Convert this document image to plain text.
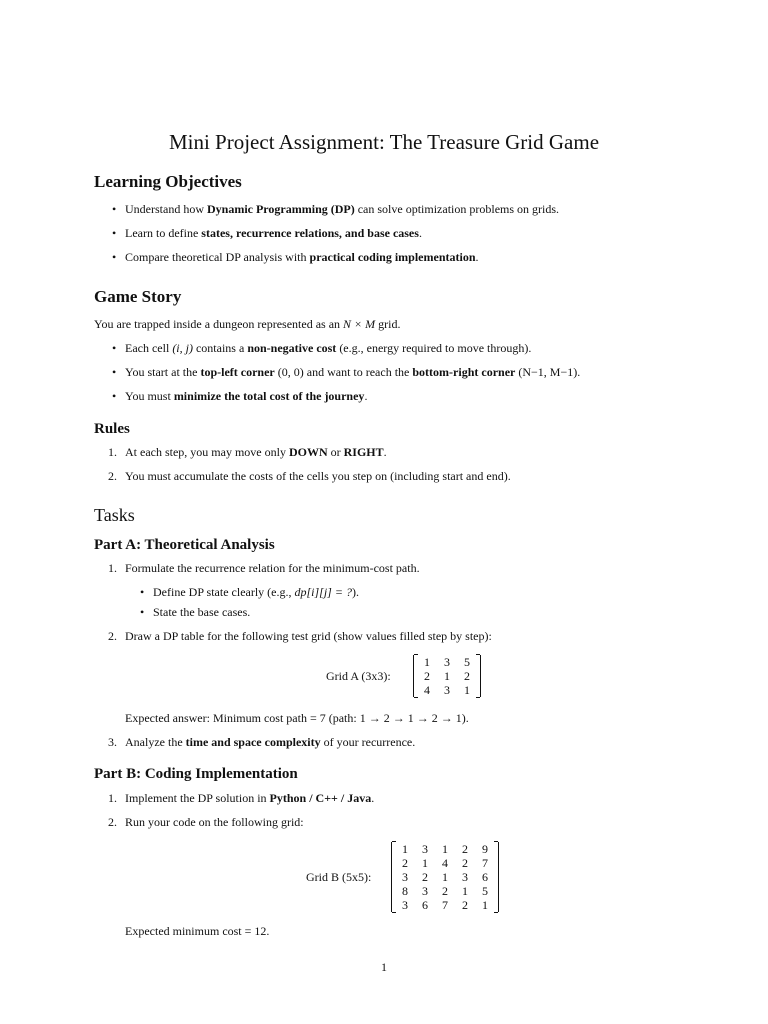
Mini Project Assignment: The Treasure Grid Game
Learning Objectives
• Understand how Dynamic Programming (DP) can solve optimization problems on grids.
• Learn to define states, recurrence relations, and base cases.
• Compare theoretical DP analysis with practical coding implementation.
Game Story
You are trapped inside a dungeon represented as an N × M grid.
• Each cell (i, j) contains a non-negative cost (e.g., energy required to move through).
• You start at the top-left corner (0, 0) and want to reach the bottom-right corner (N−1, M−1).
• You must minimize the total cost of the journey.
Rules
1. At each step, you may move only DOWN or RIGHT.
2. You must accumulate the costs of the cells you step on (including start and end).
Tasks
Part A: Theoretical Analysis
1. Formulate the recurrence relation for the minimum-cost path.
• Define DP state clearly (e.g., dp[i][j] = ?).
• State the base cases.
2. Draw a DP table for the following test grid (show values filled step by step):
Grid A (3x3):
1	3	5
2	1	2
4	3	1
Expected answer: Minimum cost path = 7 (path: 1 → 2 → 1 → 2 → 1).
3. Analyze the time and space complexity of your recurrence.
Part B: Coding Implementation
1. Implement the DP solution in Python / C++ / Java.
2. Run your code on the following grid:
Grid B (5x5):
1	3	1	2	9
2	1	4	2	7
3	2	1	3	6
8	3	2	1	5
3	6	7	2	1
Expected minimum cost = 12.
1
